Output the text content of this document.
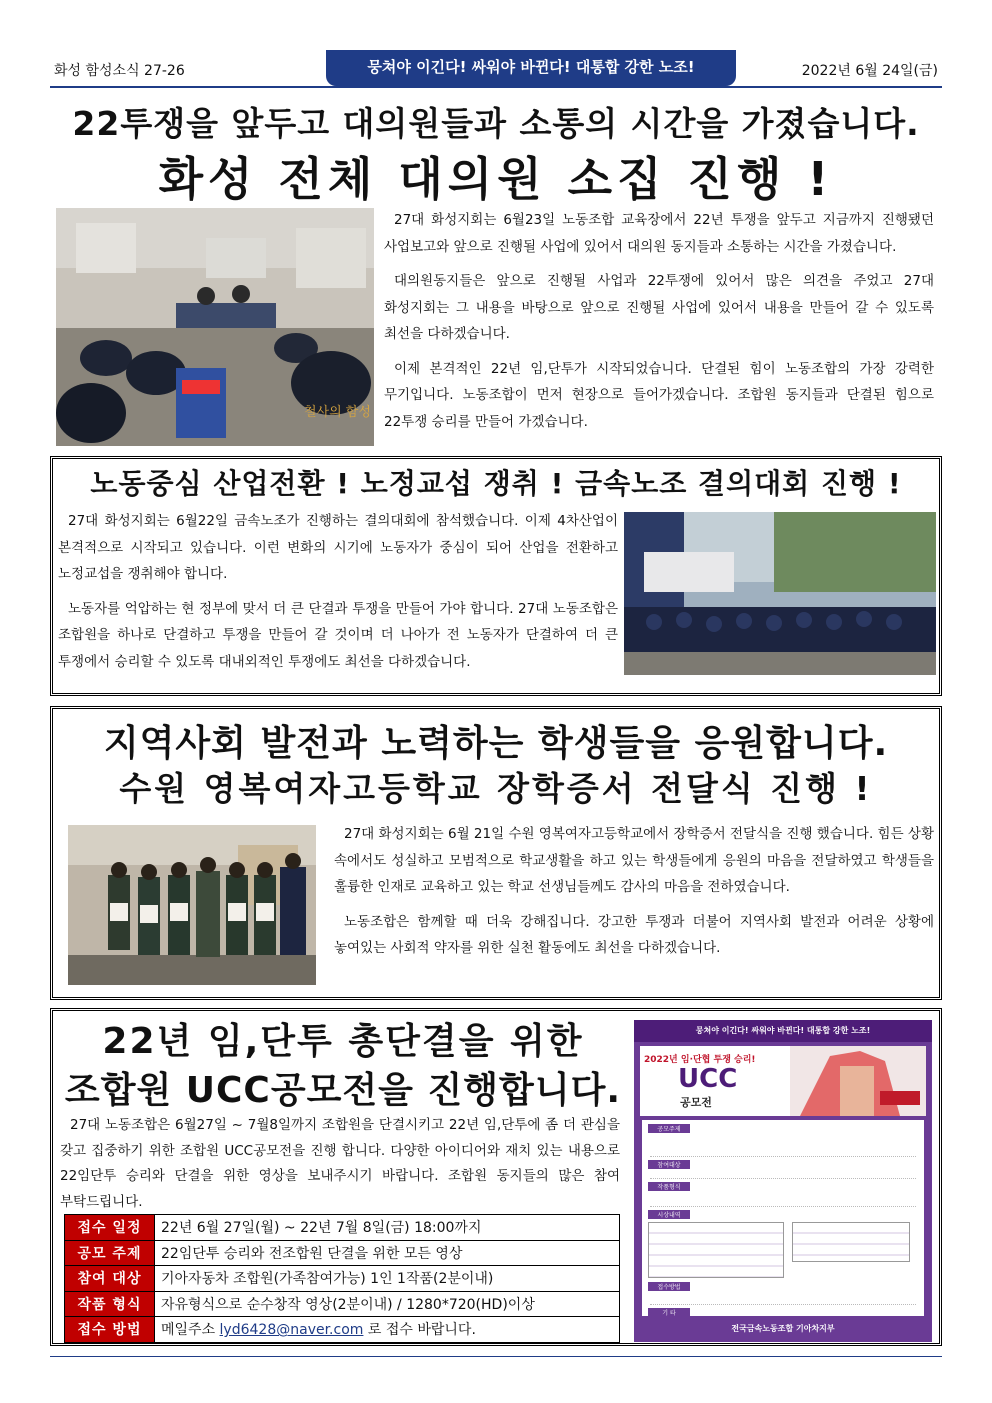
화성 함성소식 27-26	뭉쳐야 이긴다! 싸워야 바뀐다! 대통합 강한 노조!	2022년 6월 24일(금)
22투쟁을 앞두고 대의원들과 소통의 시간을 가졌습니다.
화성 전체 대의원 소집 진행 !
철사의 함성

27대 화성지회는 6월23일 노동조합 교육장에서 22년 투쟁을 앞두고 지금까지 진행됐던 사업보고와 앞으로 진행될 사업에 있어서 대의원 동지들과 소통하는 시간을 가졌습니다.

대의원동지들은 앞으로 진행될 사업과 22투쟁에 있어서 많은 의견을 주었고 27대 화성지회는 그 내용을 바탕으로 앞으로 진행될 사업에 있어서 내용을 만들어 갈 수 있도록 최선을 다하겠습니다.

이제 본격적인 22년 임,단투가 시작되었습니다. 단결된 힘이 노동조합의 가장 강력한 무기입니다. 노동조합이 먼저 현장으로 들어가겠습니다. 조합원 동지들과 단결된 힘으로 22투쟁 승리를 만들어 가겠습니다.

노동중심 산업전환 ! 노정교섭 쟁취 ! 금속노조 결의대회 진행 !

27대 화성지회는 6월22일 금속노조가 진행하는 결의대회에 참석했습니다. 이제 4차산업이 본격적으로 시작되고 있습니다. 이런 변화의 시기에 노동자가 중심이 되어 산업을 전환하고 노정교섭을 쟁취해야 합니다.

노동자를 억압하는 현 정부에 맞서 더 큰 단결과 투쟁을 만들어 가야 합니다. 27대 노동조합은 조합원을 하나로 단결하고 투쟁을 만들어 갈 것이며 더 나아가 전 노동자가 단결하여 더 큰 투쟁에서 승리할 수 있도록 대내외적인 투쟁에도 최선을 다하겠습니다.

지역사회 발전과 노력하는 학생들을 응원합니다.
수원 영복여자고등학교 장학증서 전달식 진행 !

27대 화성지회는 6월 21일 수원 영복여자고등학교에서 장학증서 전달식을 진행 했습니다. 힘든 상황 속에서도 성실하고 모범적으로 학교생활을 하고 있는 학생들에게 응원의 마음을 전달하였고 학생들을 훌륭한 인재로 교육하고 있는 학교 선생님들께도 감사의 마음을 전하였습니다.

노동조합은 함께할 때 더욱 강해집니다. 강고한 투쟁과 더불어 지역사회 발전과 어려운 상황에 놓여있는 사회적 약자를 위한 실천 활동에도 최선을 다하겠습니다.

22년 임,단투 총단결을 위한
조합원 UCC공모전을 진행합니다.

27대 노동조합은 6월27일 ~ 7월8일까지 조합원을 단결시키고 22년 임,단투에 좀 더 관심을 갖고 집중하기 위한 조합원 UCC공모전을 진행 합니다. 다양한 아이디어와 재치 있는 내용으로 22임단투 승리와 단결을 위한 영상을 보내주시기 바랍니다. 조합원 동지들의 많은 참여 부탁드립니다.

접수 일정	22년 6월 27일(월) ~ 22년 7월 8일(금) 18:00까지
공모 주제	22임단투 승리와 전조합원 단결을 위한 모든 영상
참여 대상	기아자동차 조합원(가족참여가능) 1인 1작품(2분이내)
작품 형식	자유형식으로 순수창작 영상(2분이내) / 1280*720(HD)이상
접수 방법	메일주소 lyd6428@naver.com 로 접수 바랍니다.
뭉쳐야 이긴다! 싸워야 바뀐다! 대통합 강한 노조!
2022년 임·단협 투쟁 승리!
UCC
공모전
공모주제
참여대상
작품형식
시상내역
접수방법
기 타
전국금속노동조합 기아차지부
